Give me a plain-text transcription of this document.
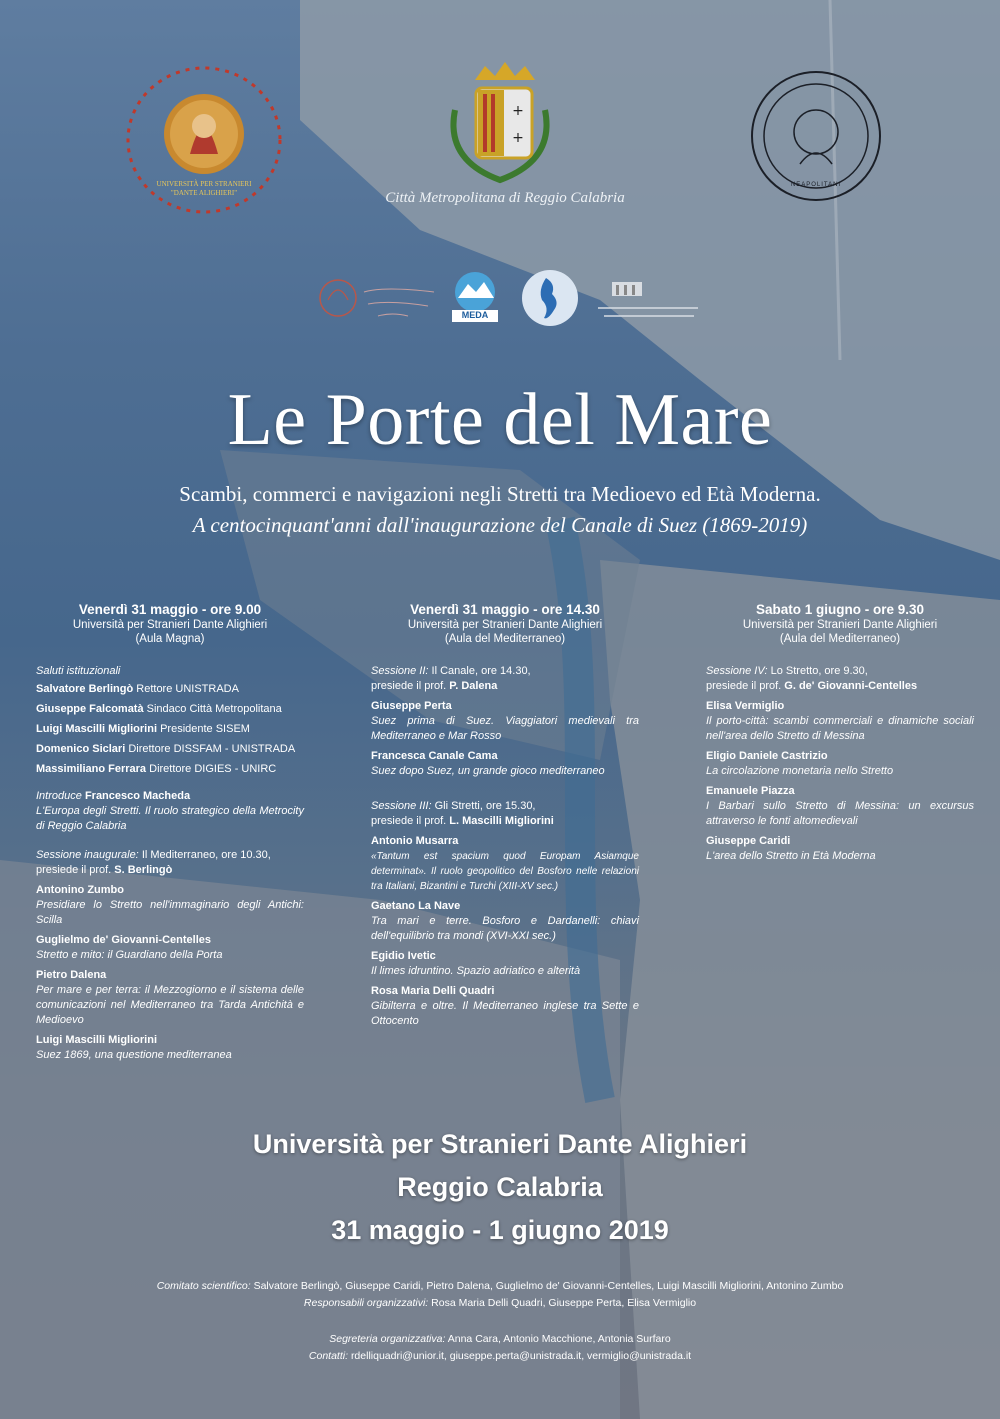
UNIVERSITÀ PER STRANIERI "DANTE ALIGHIERI"
+
+
Città Metropolitana di Reggio Calabria
NEAPOLITANI
MEDA
Le Porte del Mare
Scambi, commerci e navigazioni negli Stretti tra Medioevo ed Età Moderna.
A centocinquant'anni dall'inaugurazione del Canale di Suez (1869-2019)
Venerdì 31 maggio - ore 9.00
Università per Stranieri Dante Alighieri
(Aula Magna)
Saluti istituzionali
Salvatore Berlingò Rettore UNISTRADA
Giuseppe Falcomatà Sindaco Città Metropolitana
Luigi Mascilli Migliorini Presidente SISEM
Domenico Siclari Direttore DISSFAM - UNISTRADA
Massimiliano Ferrara Direttore DIGIES - UNIRC
Introduce Francesco Macheda
L'Europa degli Stretti. Il ruolo strategico della Metrocity di Reggio Calabria
Sessione inaugurale: Il Mediterraneo, ore 10.30,
presiede il prof. S. Berlingò
Antonino Zumbo
Presidiare lo Stretto nell'immaginario degli Antichi: Scilla
Guglielmo de' Giovanni-Centelles
Stretto e mito: il Guardiano della Porta
Pietro Dalena
Per mare e per terra: il Mezzogiorno e il sistema delle comunicazioni nel Mediterraneo tra Tarda Antichità e Medioevo
Luigi Mascilli Migliorini
Suez 1869, una questione mediterranea
Venerdì 31 maggio - ore 14.30
Università per Stranieri Dante Alighieri
(Aula del Mediterraneo)
Sessione II: Il Canale, ore 14.30,
presiede il prof. P. Dalena
Giuseppe Perta
Suez prima di Suez. Viaggiatori medievali tra Mediterraneo e Mar Rosso
Francesca Canale Cama
Suez dopo Suez, un grande gioco mediterraneo
Sessione III: Gli Stretti, ore 15.30,
presiede il prof. L. Mascilli Migliorini
Antonio Musarra
«Tantum est spacium quod Europam Asiamque determinat». Il ruolo geopolitico del Bosforo nelle relazioni tra Italiani, Bizantini e Turchi (XIII-XV sec.)
Gaetano La Nave
Tra mari e terre. Bosforo e Dardanelli: chiavi dell'equilibrio tra mondi (XVI-XXI sec.)
Egidio Ivetic
Il limes idruntino. Spazio adriatico e alterità
Rosa Maria Delli Quadri
Gibilterra e oltre. Il Mediterraneo inglese tra Sette e Ottocento
Sabato 1 giugno - ore 9.30
Università per Stranieri Dante Alighieri
(Aula del Mediterraneo)
Sessione IV: Lo Stretto, ore 9.30,
presiede il prof. G. de' Giovanni-Centelles
Elisa Vermiglio
Il porto-città: scambi commerciali e dinamiche sociali nell'area dello Stretto di Messina
Eligio Daniele Castrizio
La circolazione monetaria nello Stretto
Emanuele Piazza
I Barbari sullo Stretto di Messina: un excursus attraverso le fonti altomedievali
Giuseppe Caridi
L'area dello Stretto in Età Moderna
Università per Stranieri Dante Alighieri
Reggio Calabria
31 maggio - 1 giugno 2019
Comitato scientifico: Salvatore Berlingò, Giuseppe Caridi, Pietro Dalena, Guglielmo de' Giovanni-Centelles, Luigi Mascilli Migliorini, Antonino Zumbo
Responsabili organizzativi: Rosa Maria Delli Quadri, Giuseppe Perta, Elisa Vermiglio
Segreteria organizzativa: Anna Cara, Antonio Macchione, Antonia Surfaro
Contatti: rdelliquadri@unior.it, giuseppe.perta@unistrada.it, vermiglio@unistrada.it
